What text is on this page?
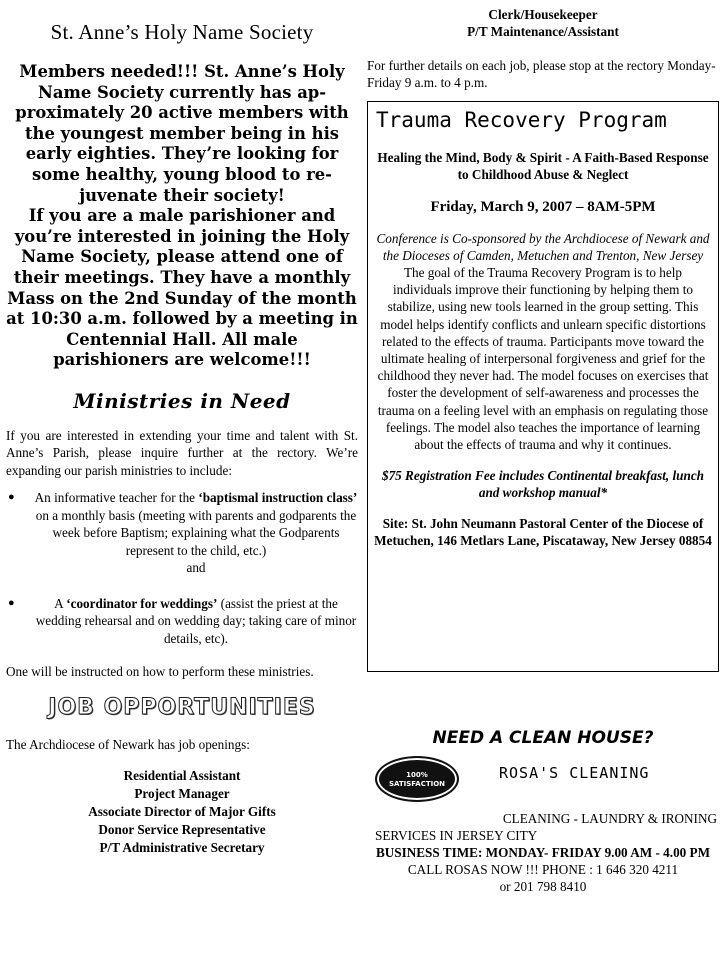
St. Anne’s Holy Name Society
Members needed!!! St. Anne’s Holy Name Society currently has approximately 20 active members with the youngest member being in his early eighties. They’re looking for some healthy, young blood to rejuvenate their society!
If you are a male parishioner and you’re interested in joining the Holy Name Society, please attend one of their meetings. They have a monthly Mass on the 2nd Sunday of the month at 10:30 a.m. followed by a meeting in Centennial Hall. All male parishioners are welcome!!!
Ministries in Need
If you are interested in extending your time and talent with St. Anne’s Parish, please inquire further at the rectory. We’re expanding our parish ministries to include:
● An informative teacher for the ‘baptismal instruction class’ on a monthly basis (meeting with parents and godparents the week before Baptism; explaining what the Godparents represent to the child, etc.)
and
●	A ‘coordinator for weddings’ (assist the priest at the wedding rehearsal and on wedding day; taking care of minor details, etc).
One will be instructed on how to perform these ministries.
JOB OPPORTUNITIES
The Archdiocese of Newark has job openings:
Residential Assistant
Project Manager
Associate Director of Major Gifts
Donor Service Representative
P/T Administrative Secretary
Clerk/Housekeeper
P/T Maintenance/Assistant
For further details on each job, please stop at the rectory Monday-Friday 9 a.m. to 4 p.m.
Trauma Recovery Program
Healing the Mind, Body & Spirit - A Faith-Based Response to Childhood Abuse & Neglect
Friday, March 9, 2007 – 8AM-5PM
Conference is Co-sponsored by the Archdiocese of Newark and the Dioceses of Camden, Metuchen and Trenton, New Jersey
The goal of the Trauma Recovery Program is to help individuals improve their functioning by helping them to stabilize, using new tools learned in the group setting. This model helps identify conflicts and unlearn specific distortions related to the effects of trauma. Participants move toward the ultimate healing of interpersonal forgiveness and grief for the childhood they never had. The model focuses on exercises that foster the development of self-awareness and processes the trauma on a feeling level with an emphasis on regulating those feelings. The model also teaches the importance of learning about the effects of trauma and why it continues.
$75 Registration Fee includes Continental breakfast, lunch and workshop manual*
Site: St. John Neumann Pastoral Center of the Diocese of Metuchen, 146 Metlars Lane, Piscataway, New Jersey 08854
NEED A CLEAN HOUSE?
100%
SATISFACTION
ROSA'S CLEANING
CLEANING - LAUNDRY & IRONING
SERVICES IN JERSEY CITY
BUSINESS TIME: MONDAY- FRIDAY 9.00 AM - 4.00 PM
CALL ROSAS NOW !!! PHONE : 1 646 320 4211
or 201 798 8410
